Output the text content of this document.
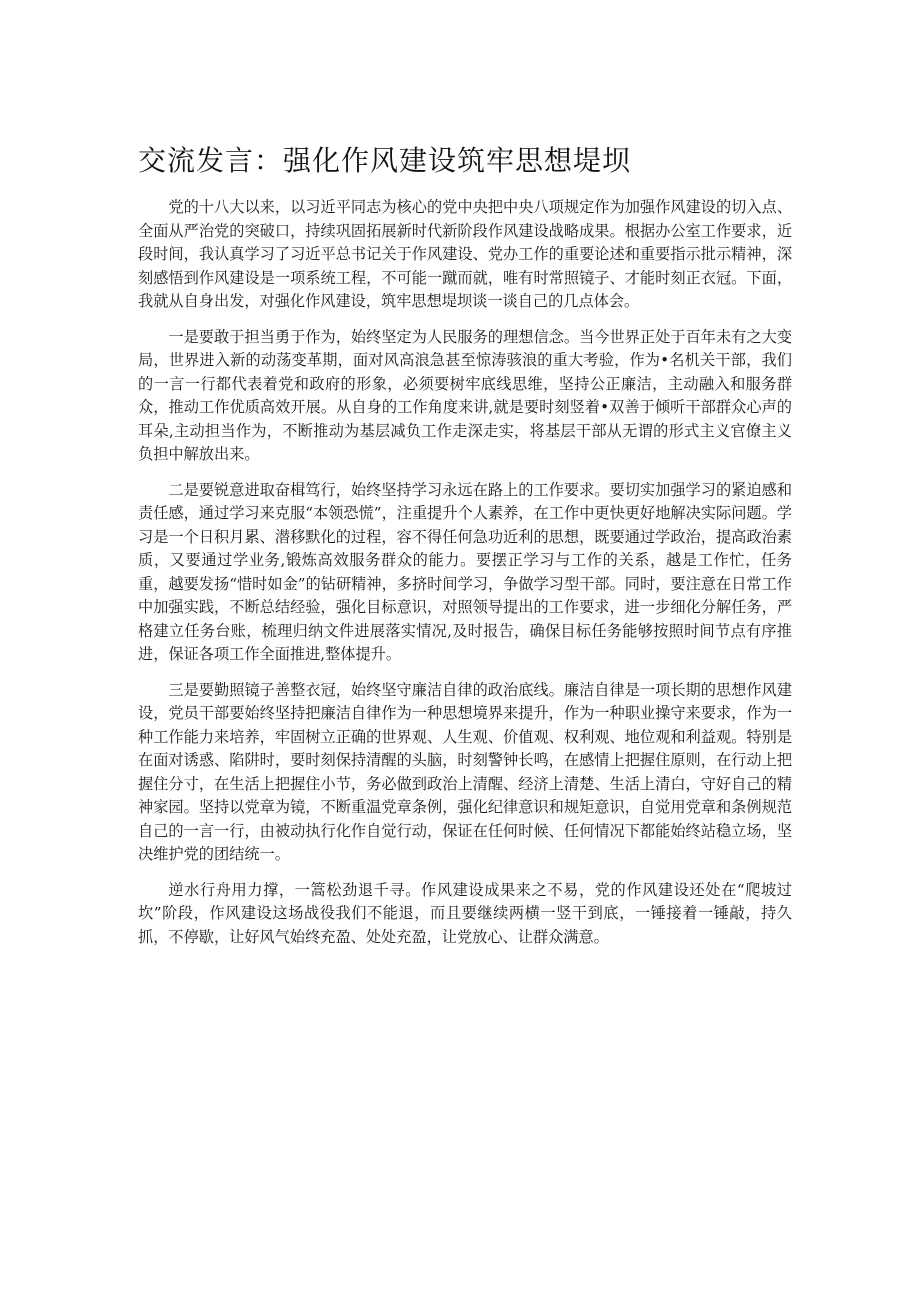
交流发言：强化作风建设筑牢思想堤坝

党的十八大以来，以习近平同志为核心的党中央把中央八项规定作为加强作风建设的切入点、全面从严治党的突破口，持续巩固拓展新时代新阶段作风建设战略成果。根据办公室工作要求，近段时间，我认真学习了习近平总书记关于作风建设、党办工作的重要论述和重要指示批示精神，深刻感悟到作风建设是一项系统工程，不可能一蹴而就，唯有时常照镜子、才能时刻正衣冠。下面，我就从自身出发，对强化作风建设，筑牢思想堤坝谈一谈自己的几点体会。

一是要敢于担当勇于作为，始终坚定为人民服务的理想信念。当今世界正处于百年未有之大变局，世界进入新的动荡变革期，面对风高浪急甚至惊涛骇浪的重大考验，作为•名机关干部，我们的一言一行都代表着党和政府的形象，必须要树牢底线思维，坚持公正廉洁，主动融入和服务群众，推动工作优质高效开展。从自身的工作角度来讲,就是要时刻竖着•双善于倾听干部群众心声的耳朵,主动担当作为，不断推动为基层减负工作走深走实，将基层干部从无谓的形式主义官僚主义负担中解放出来。

二是要锐意进取奋楫笃行，始终坚持学习永远在路上的工作要求。要切实加强学习的紧迫感和责任感，通过学习来克服“本领恐慌”，注重提升个人素养，在工作中更快更好地解决实际问题。学习是一个日积月累、潜移默化的过程，容不得任何急功近利的思想，既要通过学政治，提高政治素质，又要通过学业务,锻炼高效服务群众的能力。要摆正学习与工作的关系，越是工作忙，任务重，越要发扬“惜时如金”的钻研精神，多挤时间学习，争做学习型干部。同时，要注意在日常工作中加强实践，不断总结经验，强化目标意识，对照领导提出的工作要求，进一步细化分解任务，严格建立任务台账，梳理归纳文件进展落实情况,及时报告，确保目标任务能够按照时间节点有序推进，保证各项工作全面推进,整体提升。

三是要勤照镜子善整衣冠，始终坚守廉洁自律的政治底线。廉洁自律是一项长期的思想作风建设，党员干部要始终坚持把廉洁自律作为一种思想境界来提升，作为一种职业操守来要求，作为一种工作能力来培养，牢固树立正确的世界观、人生观、价值观、权利观、地位观和利益观。特别是在面对诱惑、陷阱时，要时刻保持清醒的头脑，时刻警钟长鸣，在感情上把握住原则，在行动上把握住分寸，在生活上把握住小节，务必做到政治上清醒、经济上清楚、生活上清白，守好自己的精神家园。坚持以党章为镜，不断重温党章条例，强化纪律意识和规矩意识，自觉用党章和条例规范自己的一言一行，由被动执行化作自觉行动，保证在任何时候、任何情况下都能始终站稳立场，坚决维护党的团结统一。

逆水行舟用力撑，一篙松劲退千寻。作风建设成果来之不易，党的作风建设还处在“爬坡过坎”阶段，作风建设这场战役我们不能退，而且要继续两横一竖干到底，一锤接着一锤敲，持久抓，不停歇，让好风气始终充盈、处处充盈，让党放心、让群众满意。
